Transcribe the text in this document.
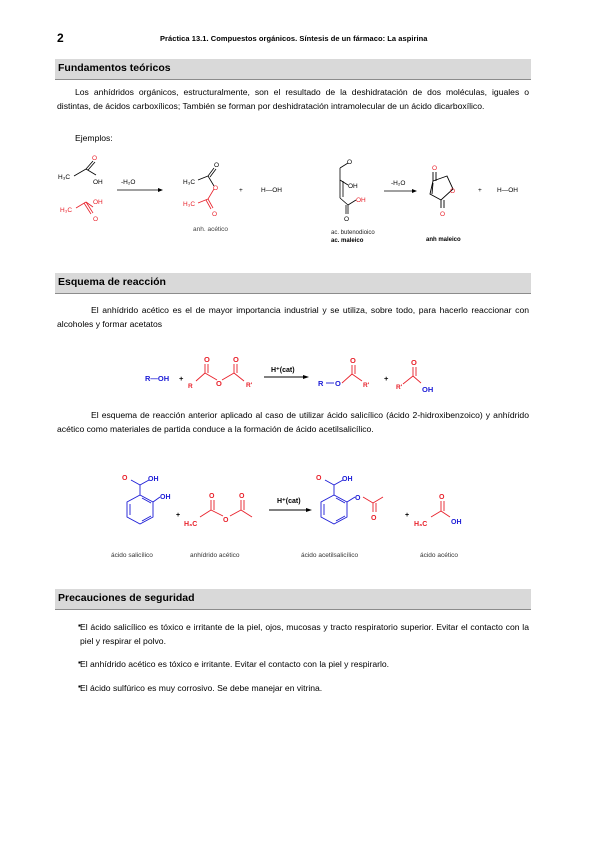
2	Práctica 13.1. Compuestos orgánicos. Síntesis de un fármaco: La aspirina
Fundamentos teóricos
Los anhídridos orgánicos, estructuralmente, son el resultado de la deshidratación de dos moléculas, iguales o distintas, de ácidos carboxílicos; También se forman por deshidratación intramolecular de un ácido dicarboxílico.
Ejemplos:
Esquema de reacción
El anhídrido acético es el de mayor importancia industrial y se utiliza, sobre todo, para hacerlo reaccionar con alcoholes y formar acetatos
El esquema de reacción anterior aplicado al caso de utilizar ácido salicílico (ácido 2-hidroxibenzoico) y anhídrido acético como materiales de partida conduce a la formación de ácido acetilsalicílico.
Precauciones de seguridad
▪ El ácido salicílico es tóxico e irritante de la piel, ojos, mucosas y tracto respiratorio superior. Evitar el contacto con la piel y respirar el polvo.
▪ El anhídrido acético es tóxico e irritante. Evitar el contacto con la piel y respirarlo.
▪ El ácido sulfúrico es muy corrosivo. Se debe manejar en vitrina.
H₃C
OH
O
H₃C
OH
O
-H₂O	H₃C
O
O
H₃C
O
anh. acético
+	H—OH
OH
O
OH
O
ac. butenodioico
ac. maleico
-H₂O
O
O
O
anh maleico
+ H—OH
R—OH +
R
O
O
O
R'
H⁺(cat)
R O
O
R'
+
R'
O
OH
O	OH
OH
ácido salicílico
+
H₃C
O
O
O
anhídrido acético
H⁺(cat)
O	OH
O
O
ácido acetilsalicílico
+
H₃C
O
OH
ácido acético
